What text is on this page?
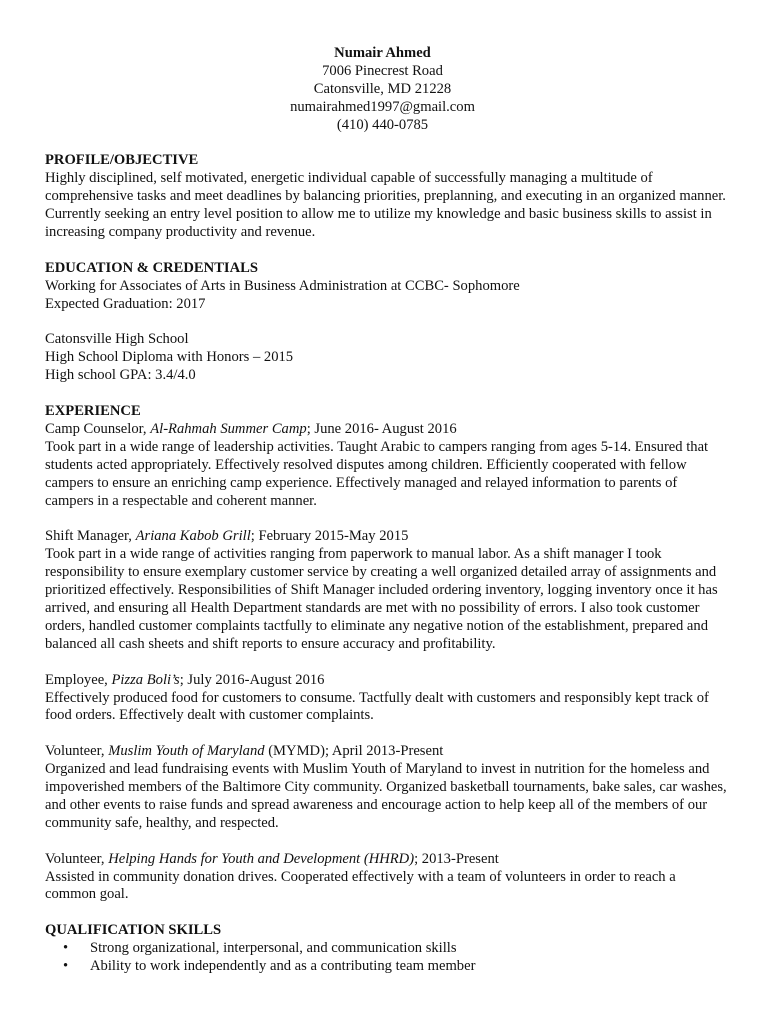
Numair Ahmed
7006 Pinecrest Road
Catonsville, MD 21228
numairahmed1997@gmail.com
(410) 440-0785
PROFILE/OBJECTIVE

Highly disciplined, self motivated, energetic individual capable of successfully managing a multitude of comprehensive tasks and meet deadlines by balancing priorities, preplanning, and executing in an organized manner. Currently seeking an entry level position to allow me to utilize my knowledge and basic business skills to assist in increasing company productivity and revenue.

EDUCATION & CREDENTIALS
Working for Associates of Arts in Business Administration at CCBC- Sophomore
Expected Graduation: 2017
Catonsville High School
High School Diploma with Honors – 2015
High school GPA: 3.4/4.0
EXPERIENCE
Camp Counselor, Al-Rahmah Summer Camp; June 2016- August 2016

Took part in a wide range of leadership activities. Taught Arabic to campers ranging from ages 5-14. Ensured that students acted appropriately. Effectively resolved disputes among children. Efficiently cooperated with fellow campers to ensure an enriching camp experience. Effectively managed and relayed information to parents of campers in a respectable and coherent manner.

Shift Manager, Ariana Kabob Grill; February 2015-May 2015

Took part in a wide range of activities ranging from paperwork to manual labor. As a shift manager I took responsibility to ensure exemplary customer service by creating a well organized detailed array of assignments and prioritized effectively. Responsibilities of Shift Manager included ordering inventory, logging inventory once it has arrived, and ensuring all Health Department standards are met with no possibility of errors. I also took customer orders, handled customer complaints tactfully to eliminate any negative notion of the establishment, prepared and balanced all cash sheets and shift reports to ensure accuracy and profitability.

Employee, Pizza Boli’s; July 2016-August 2016

Effectively produced food for customers to consume. Tactfully dealt with customers and responsibly kept track of food orders. Effectively dealt with customer complaints.

Volunteer, Muslim Youth of Maryland (MYMD); April 2013-Present

Organized and lead fundraising events with Muslim Youth of Maryland to invest in nutrition for the homeless and impoverished members of the Baltimore City community. Organized basketball tournaments, bake sales, car washes, and other events to raise funds and spread awareness and encourage action to help keep all of the members of our community safe, healthy, and respected.

Volunteer, Helping Hands for Youth and Development (HHRD); 2013-Present

Assisted in community donation drives. Cooperated effectively with a team of volunteers in order to reach a common goal.

QUALIFICATION SKILLS
• Strong organizational, interpersonal, and communication skills
• Ability to work independently and as a contributing team member
